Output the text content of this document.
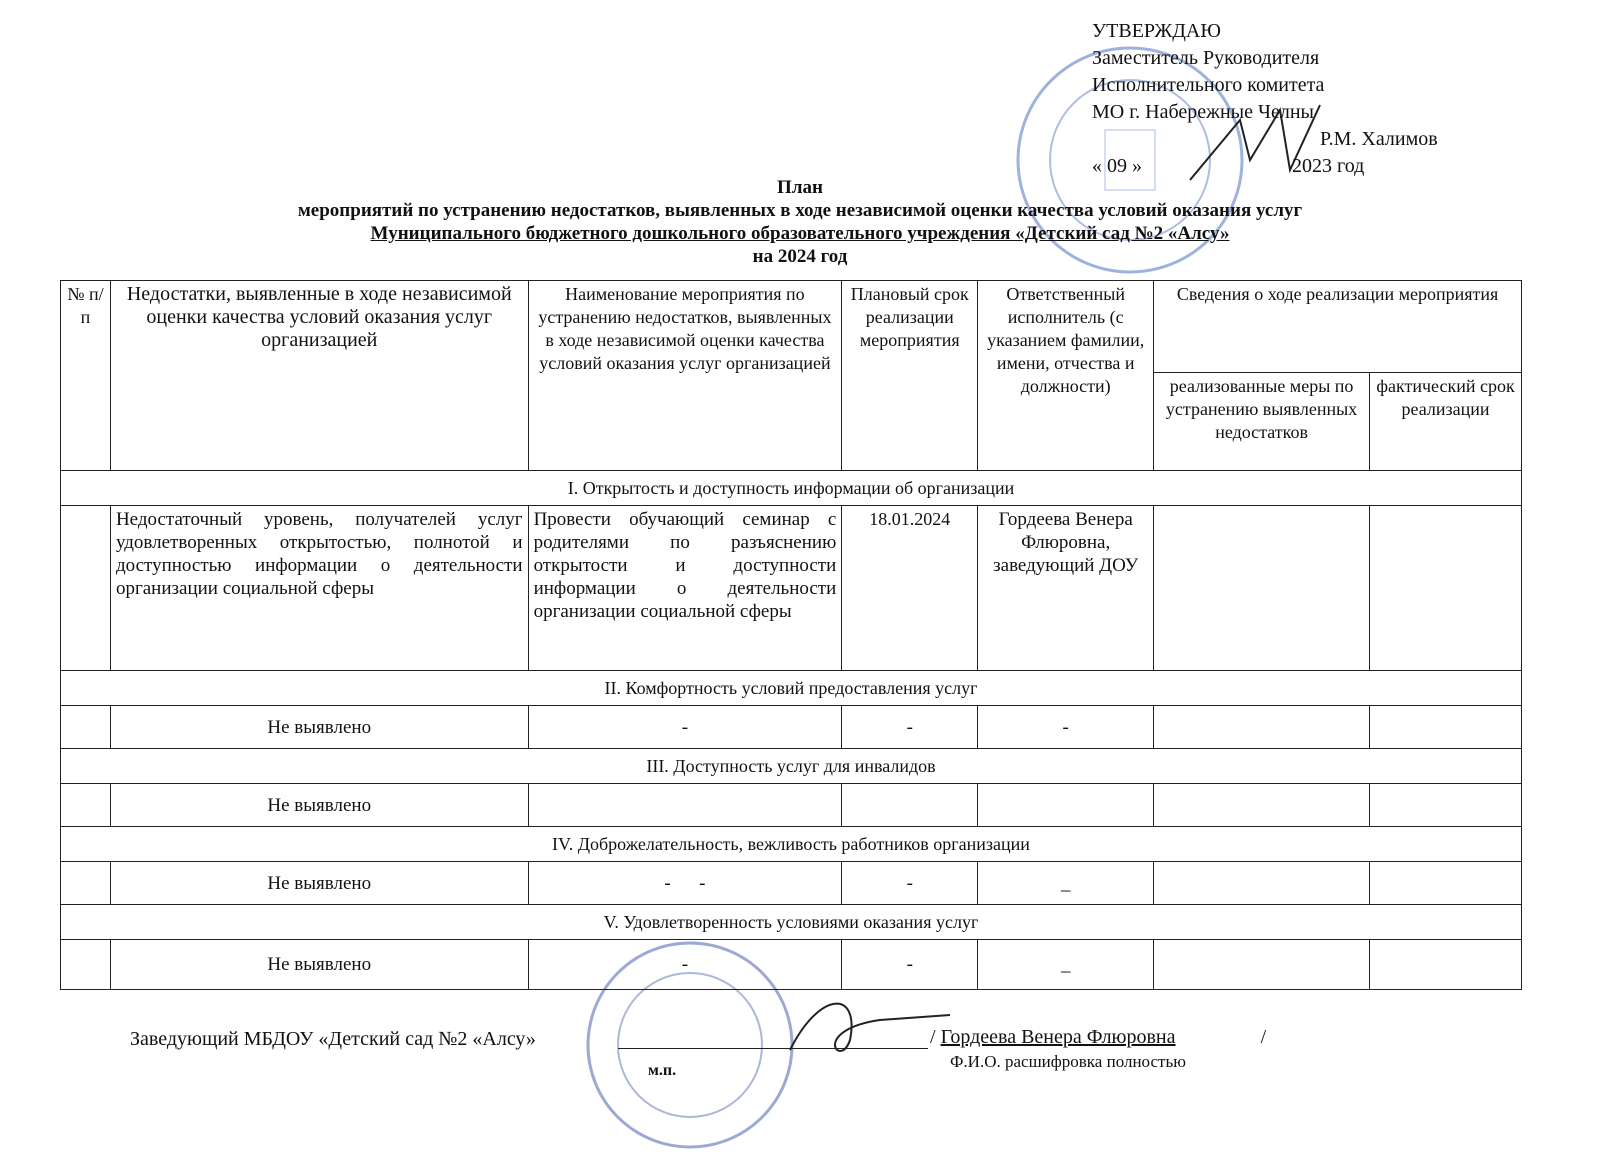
УТВЕРЖДАЮ
Заместитель Руководителя
Исполнительного комитета
МО г. Набережные Челны
Р.М. Халимов
« 09 »	2023 год
План
мероприятий по устранению недостатков, выявленных в ходе независимой оценки качества условий оказания услуг
Муниципального бюджетного дошкольного образовательного учреждения «Детский сад №2 «Алсу»
на 2024 год
№ п/п	Недостатки, выявленные в ходе независимой оценки качества условий оказания услуг организацией	Наименование мероприятия по устранению недостатков, выявленных в ходе независимой оценки качества условий оказания услуг организацией	Плановый срок реализации мероприятия	Ответственный исполнитель (с указанием фамилии, имени, отчества и должности)	Сведения о ходе реализации мероприятия	
					реализованные меры по устранению выявленных недостатков	фактический срок реализации
I. Открытость и доступность информации об организации						
	Недостаточный уровень, получателей услуг удовлетворенных открытостью, полнотой и доступностью информации о деятельности организации социальной сферы	Провести обучающий семинар с родителями по разъяснению открытости и доступности информации о деятельности организации социальной сферы	18.01.2024	Гордеева Венера Флюровна, заведующий ДОУ		
II. Комфортность условий предоставления услуг						
	Не выявлено	-	-	-		
III. Доступность услуг для инвалидов						
	Не выявлено					
IV. Доброжелательность, вежливость работников организации						
	Не выявлено	-      -	-	_		
V. Удовлетворенность условиями оказания услуг						
	Не выявлено	-	-	_		
Заведующий МБДОУ «Детский сад №2 «Алсу»	/ Гордеева Венера Флюровна	/
Ф.И.О. расшифровка полностью
м.п.
